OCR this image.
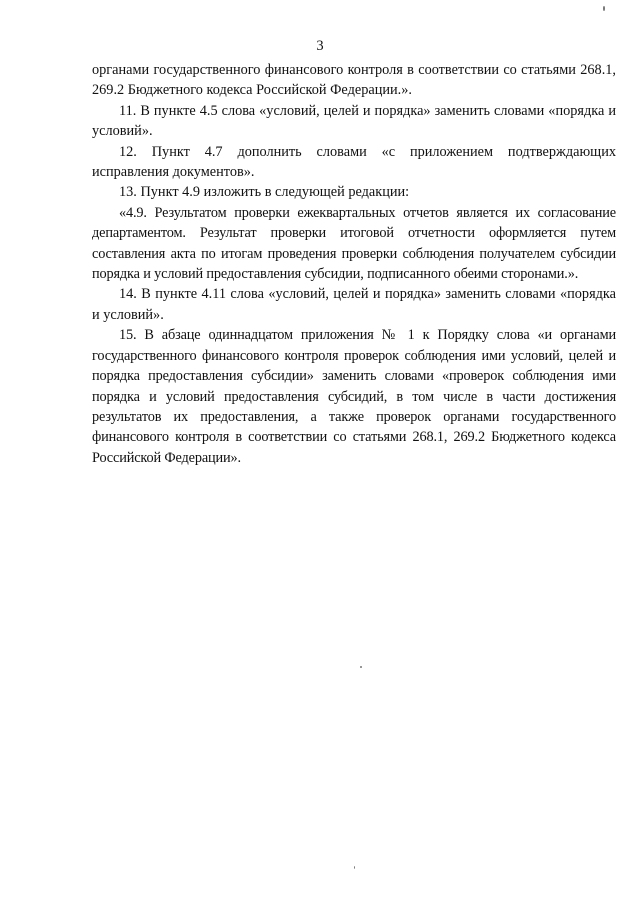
3

органами государственного финансового контроля в соответствии со статьями 268.1, 269.2 Бюджетного кодекса Российской Федерации.».

11. В пункте 4.5 слова «условий, целей и порядка» заменить словами «порядка и условий».

12. Пункт 4.7 дополнить словами «с приложением подтверждающих исправления документов».

13. Пункт 4.9 изложить в следующей редакции:

«4.9. Результатом проверки ежеквартальных отчетов является их согласование департаментом. Результат проверки итоговой отчетности оформляется путем составления акта по итогам проведения проверки соблюдения получателем субсидии порядка и условий предоставления субсидии, подписанного обеими сторонами.».

14. В пункте 4.11 слова «условий, целей и порядка» заменить словами «порядка и условий».

15. В абзаце одиннадцатом приложения № 1 к Порядку слова «и органами государственного финансового контроля проверок соблюдения ими условий, целей и порядка предоставления субсидии» заменить словами «проверок соблюдения ими порядка и условий предоставления субсидий, в том числе в части достижения результатов их предоставления, а также проверок органами государственного финансового контроля в соответствии со статьями 268.1, 269.2 Бюджетного кодекса Российской Федерации».
